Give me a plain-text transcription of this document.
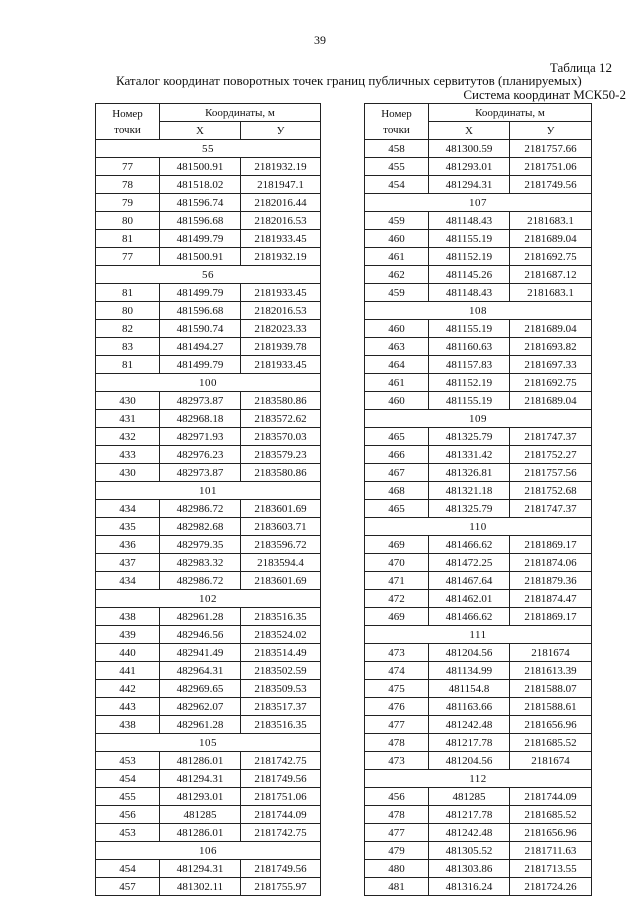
39
Таблица 12
Каталог координат поворотных точек границ публичных сервитутов (планируемых)
Система координат МСК50-2
Номер
точки	Координаты, м	
	X	У
55		
77	481500.91	2181932.19
78	481518.02	2181947.1
79	481596.74	2182016.44
80	481596.68	2182016.53
81	481499.79	2181933.45
77	481500.91	2181932.19
56		
81	481499.79	2181933.45
80	481596.68	2182016.53
82	481590.74	2182023.33
83	481494.27	2181939.78
81	481499.79	2181933.45
100		
430	482973.87	2183580.86
431	482968.18	2183572.62
432	482971.93	2183570.03
433	482976.23	2183579.23
430	482973.87	2183580.86
101		
434	482986.72	2183601.69
435	482982.68	2183603.71
436	482979.35	2183596.72
437	482983.32	2183594.4
434	482986.72	2183601.69
102		
438	482961.28	2183516.35
439	482946.56	2183524.02
440	482941.49	2183514.49
441	482964.31	2183502.59
442	482969.65	2183509.53
443	482962.07	2183517.37
438	482961.28	2183516.35
105		
453	481286.01	2181742.75
454	481294.31	2181749.56
455	481293.01	2181751.06
456	481285	2181744.09
453	481286.01	2181742.75
106		
454	481294.31	2181749.56
457	481302.11	2181755.97
Номер
точки	Координаты, м	
	X	У
458	481300.59	2181757.66
455	481293.01	2181751.06
454	481294.31	2181749.56
107		
459	481148.43	2181683.1
460	481155.19	2181689.04
461	481152.19	2181692.75
462	481145.26	2181687.12
459	481148.43	2181683.1
108		
460	481155.19	2181689.04
463	481160.63	2181693.82
464	481157.83	2181697.33
461	481152.19	2181692.75
460	481155.19	2181689.04
109		
465	481325.79	2181747.37
466	481331.42	2181752.27
467	481326.81	2181757.56
468	481321.18	2181752.68
465	481325.79	2181747.37
110		
469	481466.62	2181869.17
470	481472.25	2181874.06
471	481467.64	2181879.36
472	481462.01	2181874.47
469	481466.62	2181869.17
111		
473	481204.56	2181674
474	481134.99	2181613.39
475	481154.8	2181588.07
476	481163.66	2181588.61
477	481242.48	2181656.96
478	481217.78	2181685.52
473	481204.56	2181674
112		
456	481285	2181744.09
478	481217.78	2181685.52
477	481242.48	2181656.96
479	481305.52	2181711.63
480	481303.86	2181713.55
481	481316.24	2181724.26
